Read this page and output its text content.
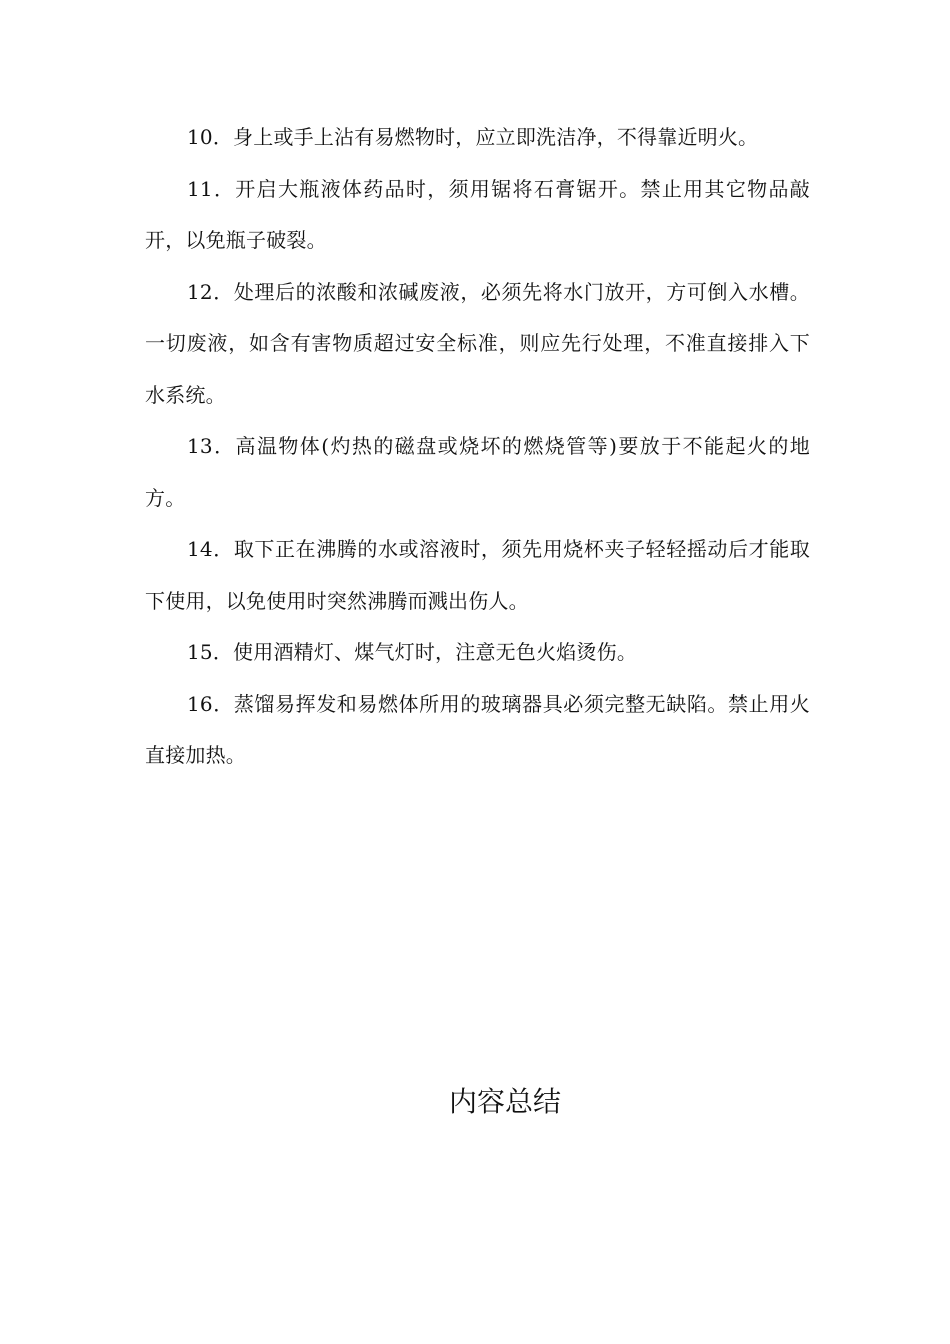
10．身上或手上沾有易燃物时，应立即洗洁净，不得靠近明火。

11．开启大瓶液体药品时，须用锯将石膏锯开。禁止用其它物品敲开，以免瓶子破裂。

12．处理后的浓酸和浓碱废液，必须先将水门放开，方可倒入水槽。一切废液，如含有害物质超过安全标准，则应先行处理，不准直接排入下水系统。

13．高温物体(灼热的磁盘或烧坏的燃烧管等)要放于不能起火的地方。

14．取下正在沸腾的水或溶液时，须先用烧杯夹子轻轻摇动后才能取下使用，以免使用时突然沸腾而溅出伤人。

15．使用酒精灯、煤气灯时，注意无色火焰烫伤。

16．蒸馏易挥发和易燃体所用的玻璃器具必须完整无缺陷。禁止用火直接加热。

内容总结
